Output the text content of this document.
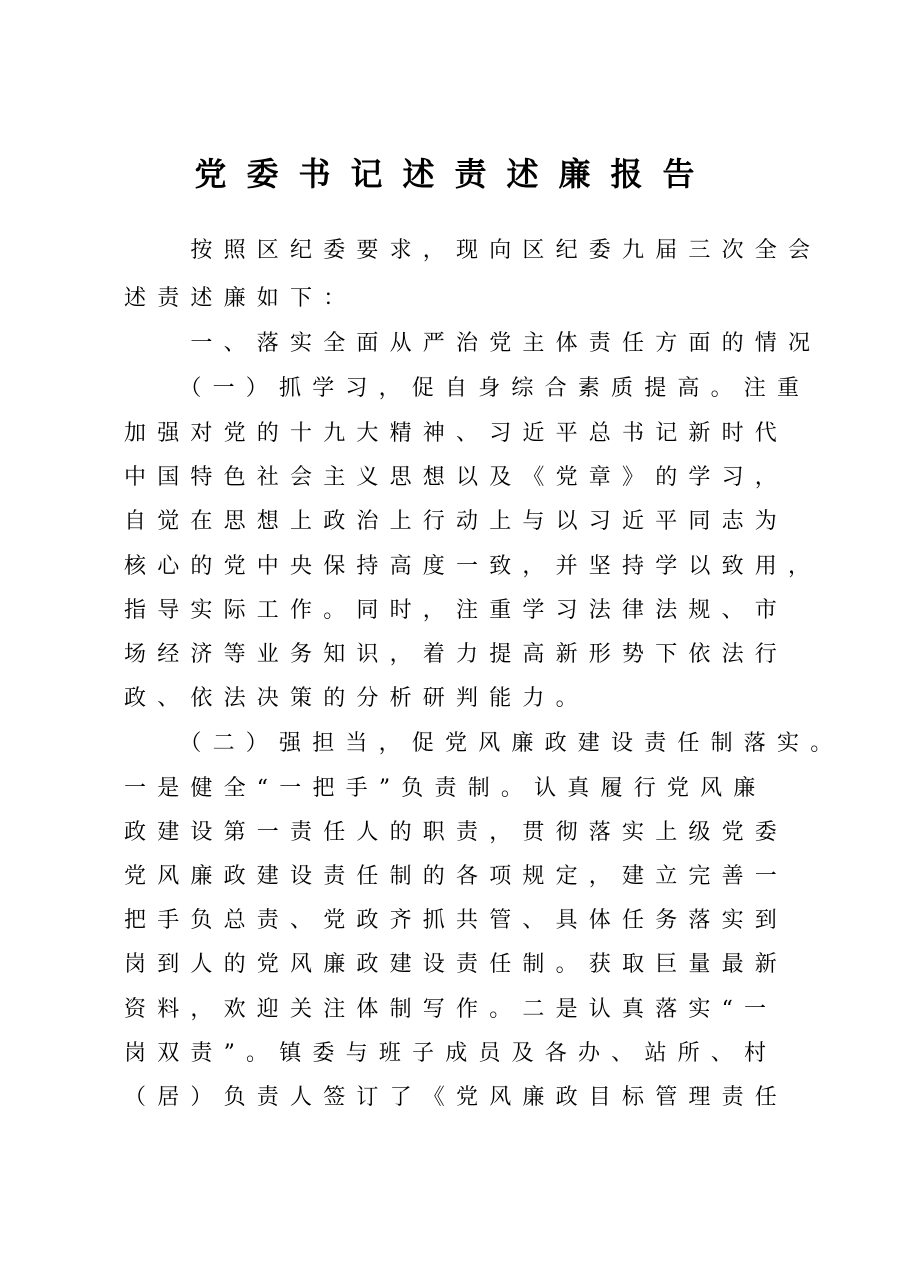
党委书记述责述廉报告
　　按照区纪委要求，现向区纪委九届三次全会
述责述廉如下：
　　一、落实全面从严治党主体责任方面的情况
　　（一）抓学习，促自身综合素质提高。注重
加强对党的十九大精神、习近平总书记新时代
中国特色社会主义思想以及《党章》的学习，
自觉在思想上政治上行动上与以习近平同志为
核心的党中央保持高度一致，并坚持学以致用，
指导实际工作。同时，注重学习法律法规、市
场经济等业务知识，着力提高新形势下依法行
政、依法决策的分析研判能力。
　　（二）强担当，促党风廉政建设责任制落实。
一是健全“一把手”负责制。认真履行党风廉
政建设第一责任人的职责，贯彻落实上级党委
党风廉政建设责任制的各项规定，建立完善一
把手负总责、党政齐抓共管、具体任务落实到
岗到人的党风廉政建设责任制。获取巨量最新
资料，欢迎关注体制写作。二是认真落实“一
岗双责”。镇委与班子成员及各办、站所、村
（居）负责人签订了《党风廉政目标管理责任
